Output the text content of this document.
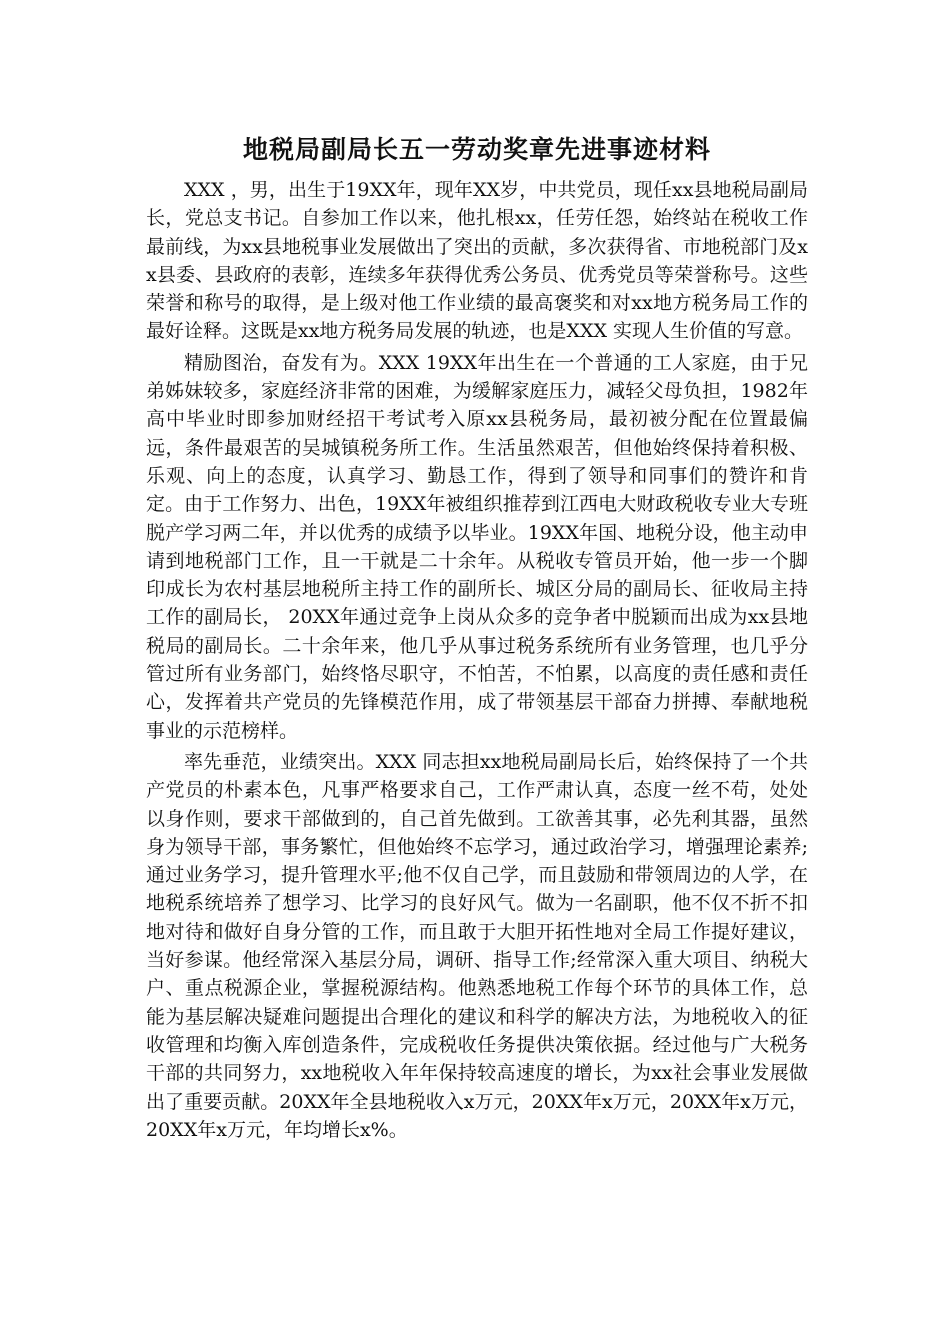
地税局副局长五一劳动奖章先进事迹材料

XXX ，男，出生于19XX年，现年XX岁，中共党员，现任xx县地税局副局长，党总支书记。自参加工作以来，他扎根xx，任劳任怨，始终站在税收工作最前线，为xx县地税事业发展做出了突出的贡献，多次获得省、市地税部门及xx县委、县政府的表彰，连续多年获得优秀公务员、优秀党员等荣誉称号。这些荣誉和称号的取得，是上级对他工作业绩的最高褒奖和对xx地方税务局工作的最好诠释。这既是xx地方税务局发展的轨迹，也是XXX 实现人生价值的写意。

精励图治，奋发有为。XXX 19XX年出生在一个普通的工人家庭，由于兄弟姊妹较多，家庭经济非常的困难，为缓解家庭压力，减轻父母负担，1982年高中毕业时即参加财经招干考试考入原xx县税务局，最初被分配在位置最偏远，条件最艰苦的吴城镇税务所工作。生活虽然艰苦，但他始终保持着积极、乐观、向上的态度，认真学习、勤恳工作，得到了领导和同事们的赞许和肯定。由于工作努力、出色，19XX年被组织推荐到江西电大财政税收专业大专班脱产学习两二年，并以优秀的成绩予以毕业。19XX年国、地税分设，他主动申请到地税部门工作，且一干就是二十余年。从税收专管员开始，他一步一个脚印成长为农村基层地税所主持工作的副所长、城区分局的副局长、征收局主持工作的副局长， 20XX年通过竞争上岗从众多的竞争者中脱颖而出成为xx县地税局的副局长。二十余年来，他几乎从事过税务系统所有业务管理，也几乎分管过所有业务部门，始终恪尽职守，不怕苦，不怕累，以高度的责任感和责任心，发挥着共产党员的先锋模范作用，成了带领基层干部奋力拼搏、奉献地税事业的示范榜样。

率先垂范，业绩突出。XXX 同志担xx地税局副局长后，始终保持了一个共产党员的朴素本色，凡事严格要求自己，工作严肃认真，态度一丝不苟，处处以身作则，要求干部做到的，自己首先做到。工欲善其事，必先利其器，虽然身为领导干部，事务繁忙，但他始终不忘学习，通过政治学习，增强理论素养;通过业务学习，提升管理水平;他不仅自己学，而且鼓励和带领周边的人学，在地税系统培养了想学习、比学习的良好风气。做为一名副职，他不仅不折不扣地对待和做好自身分管的工作，而且敢于大胆开拓性地对全局工作提好建议，当好参谋。他经常深入基层分局，调研、指导工作;经常深入重大项目、纳税大户、重点税源企业，掌握税源结构。他熟悉地税工作每个环节的具体工作，总能为基层解决疑难问题提出合理化的建议和科学的解决方法，为地税收入的征收管理和均衡入库创造条件，完成税收任务提供决策依据。经过他与广大税务干部的共同努力，xx地税收入年年保持较高速度的增长，为xx社会事业发展做出了重要贡献。20XX年全县地税收入x万元，20XX年x万元，20XX年x万元，20XX年x万元，年均增长x%。
